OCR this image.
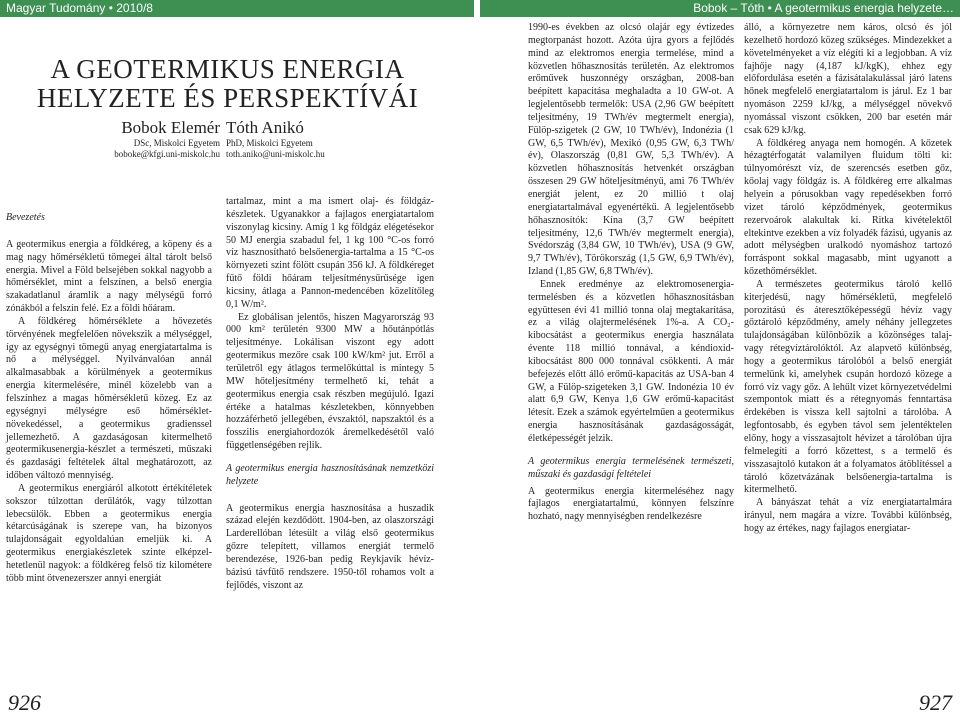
Magyar Tudomány • 2010/8
A GEOTERMIKUS ENERGIA
HELYZETE ÉS PERSPEKTÍVÁI
Bobok Elemér
DSc, Miskolci Egyetem
boboke@kfgi.uni-miskolc.hu
Bevezetés

A geotermikus energia a földkéreg, a köpeny és a mag nagy hőmérsékletű tömegei által tárolt belső energia. Mivel a Föld belsejében sokkal nagyobb a hőmérséklet, mint a felszínen, a belső energia szakadatlanul áramlik a nagy mélységű forró zónákból a felszín felé. Ez a földi hőáram.

A földkéreg hőmérséklete a hővezetés törvényének megfelelően növekszik a mélységgel, így az egységnyi tömegű anyag energiatartalma is nő a mélységgel. Nyilvánvalóan annál alkalmasabbak a körülmények a geotermikus energia kitermelésére, minél közelebb van a felszínhez a magas hőmérsékletű közeg. Ez az egységnyi mélységre eső hőmérséklet-növekedéssel, a geotermikus gradienssel jellemezhető. A gazdaságosan kitermelhető geotermikusenergia-készlet a természeti, műszaki és gazdasági feltételek által meghatározott, az időben változó mennyiség.

A geotermikus energiáról alkotott értékítéletek sokszor túlzottan derűlátók, vagy túlzottan lebecsülők. Ebben a geotermikus energia kétarcúságának is szerepe van, ha bizonyos tulajdonságait egyoldalúan emeljük ki. A geotermikus energiakészletek szinte elképzelhetetlenül nagyok: a földkéreg felső tíz kilométere több mint ötvenezerszer annyi energiát

Tóth Anikó
PhD, Miskolci Egyetem
toth.aniko@uni-miskolc.hu

tartalmaz, mint a ma ismert olaj- és földgázkészletek. Ugyanakkor a fajlagos energiatartalom viszonylag kicsiny. Amíg 1 kg földgáz elégetésekor 50 MJ energia szabadul fel, 1 kg 100 °C-os forró víz hasznosítható belsőenergia-tartalma a 15 °C-os környezeti szint fölött csupán 356 kJ. A földkéreget fűtő földi hőáram teljesítménysűrűsége igen kicsiny, átlaga a Pannon-medencében közelítőleg 0,1 W/m².

Ez globálisan jelentős, hiszen Magyarország 93 000 km² területén 9300 MW a hőutánpótlás teljesítménye. Lokálisan viszont egy adott geotermikus mezőre csak 100 kW/km² jut. Erről a területről egy átlagos termelőkúttal is mintegy 5 MW hőteljesítmény termelhető ki, tehát a geotermikus energia csak részben megújuló. Igazi értéke a hatalmas készletekben, könnyebben hozzáférhető jellegében, évszaktól, napszaktól és a fosszilis energiahordozók áremelkedésétől való függetlenségében rejlik.

A geotermikus energia hasznosításának nemzetközi helyzete

A geotermikus energia hasznosítása a huszadik század elején kezdődött. 1904-ben, az olaszországi Larderellóban létesült a világ első geotermikus gőzre telepített, villamos energiát termelő berendezése, 1926-ban pedig Reykjavík hévíz-bázisú távfűtő rendszere. 1950-től rohamos volt a fejlődés, viszont az

926
Bobok – Tóth • A geotermikus energia helyzete…

1990-es években az olcsó olajár egy évtizedes megtorpanást hozott. Azóta újra gyors a fejlődés mind az elektromos energia termelése, mind a közvetlen hőhasznosítás területén. Az elektromos erőművek huszonnégy országban, 2008-ban beépített kapacitása meghaladta a 10 GW-ot. A legjelentősebb termelők: USA (2,96 GW beépített teljesítmény, 19 TWh/év megtermelt energia), Fülöp-szigetek (2 GW, 10 TWh/év), Indonézia (1 GW, 6,5 TWh/év), Mexikó (0,95 GW, 6,3 TWh/év), Olaszország (0,81 GW, 5,3 TWh/év). A közvetlen hőhasznosítás hetvenkét országban összesen 29 GW hőteljesítményű, ami 76 TWh/év energiát jelent, ez 20 millió t olaj energiatartalmával egyenértékű. A legjelentősebb hőhasznosítók: Kína (3,7 GW beépített teljesítmény, 12,6 TWh/év megtermelt energia), Svédország (3,84 GW, 10 TWh/év), USA (9 GW, 9,7 TWh/év), Törökország (1,5 GW, 6,9 TWh/év), Izland (1,85 GW, 6,8 TWh/év).

Ennek eredménye az elektromosenergia-termelésben és a közvetlen hőhasznosításban együttesen évi 41 millió tonna olaj megtakarítása, ez a világ olajtermelésének 1%-a. A CO₂-kibocsátást a geotermikus energia használata évente 118 millió tonnával, a kéndioxid-kibocsátást 800 000 tonnával csökkenti. A már befejezés előtt álló erőmű-kapacitás az USA-ban 4 GW, a Fülöp-szigeteken 3,1 GW. Indonézia 10 év alatt 6,9 GW, Kenya 1,6 GW erőmű-kapacitást létesít. Ezek a számok egyértelműen a geotermikus energia hasznosításának gazdaságosságát, életképességét jelzik.

A geotermikus energia termelésének természeti, műszaki és gazdasági feltételei

A geotermikus energia kitermeléséhez nagy fajlagos energiatartalmú, könnyen felszínre hozható, nagy mennyiségben rendelkezésre

álló, a környezetre nem káros, olcsó és jól kezelhető hordozó közeg szükséges. Mindezekket a követelményeket a víz elégíti ki a legjobban. A víz fajhője nagy (4,187 kJ/kgK), ehhez egy előfordulása esetén a fázisátalakulással járó latens hőnek megfelelő energiatartalom is járul. Ez 1 bar nyomáson 2259 kJ/kg, a mélységgel növekvő nyomással viszont csökken, 200 bar esetén már csak 629 kJ/kg.

A földkéreg anyaga nem homogén. A kőzetek hézagtérfogatát valamilyen fluidum tölti ki: túlnyomórészt víz, de szerencsés esetben gőz, kőolaj vagy földgáz is. A földkéreg erre alkalmas helyein a pórusokban vagy repedésekben forró vizet tároló képződmények, geotermikus rezervoárok alakultak ki. Ritka kivételektől eltekintve ezekben a víz folyadék fázisú, ugyanis az adott mélységben uralkodó nyomáshoz tartozó forráspont sokkal magasabb, mint ugyanott a kőzethőmérséklet.

A természetes geotermikus tároló kellő kiterjedésű, nagy hőmérsékletű, megfelelő porozitású és áteresztőképességű hévíz vagy gőztároló képződmény, amely néhány jellegzetes tulajdonságában különbözik a közönséges talaj- vagy rétegvíztárolóktól. Az alapvető különbség, hogy a geotermikus tárolóból a belső energiát termelünk ki, amelyhek csupán hordozó közege a forró víz vagy gőz. A lehűlt vizet környezetvédelmi szempontok miatt és a rétegnyomás fenntartása érdekében is vissza kell sajtolni a tárolóba. A legfontosabb, és egyben távol sem jelentéktelen előny, hogy a visszasajtolt hévizet a tárolóban újra felmelegíti a forró kőzettest, s a termelő és visszasajtoló kutakon át a folyamatos átöblítéssel a tároló kőzetvázának belsőenergia-tartalma is kitermelhető.

A bányászat tehát a víz energiatartalmára irányul, nem magára a vízre. További különbség, hogy az értékes, nagy fajlagos energiatar-

927
